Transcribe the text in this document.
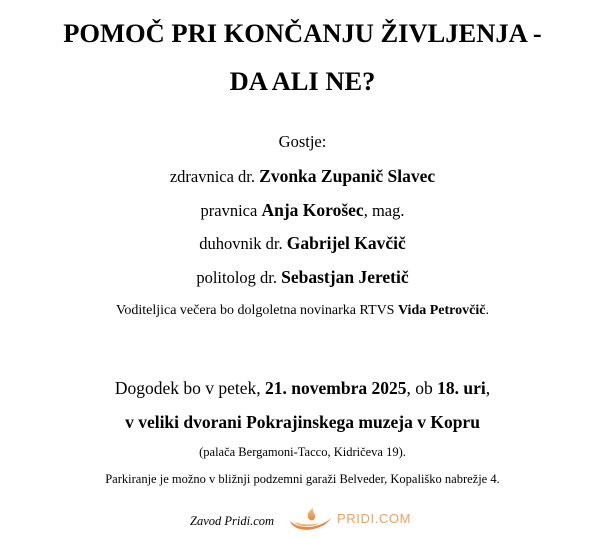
POMOČ PRI KONČANJU ŽIVLJENJA -
DA ALI NE?
Gostje:
zdravnica dr. Zvonka Zupanič Slavec
pravnica Anja Korošec, mag.
duhovnik dr. Gabrijel Kavčič
politolog dr. Sebastjan Jeretič
Voditeljica večera bo dolgoletna novinarka RTVS Vida Petrovčič.
Dogodek bo v petek, 21. novembra 2025, ob 18. uri,
v veliki dvorani Pokrajinskega muzeja v Kopru
(palača Bergamoni-Tacco, Kidričeva 19).
Parkiranje je možno v bližnji podzemni garaži Belveder, Kopališko nabrežje 4.
Zavod Pridi.com	PRIDI.COM
